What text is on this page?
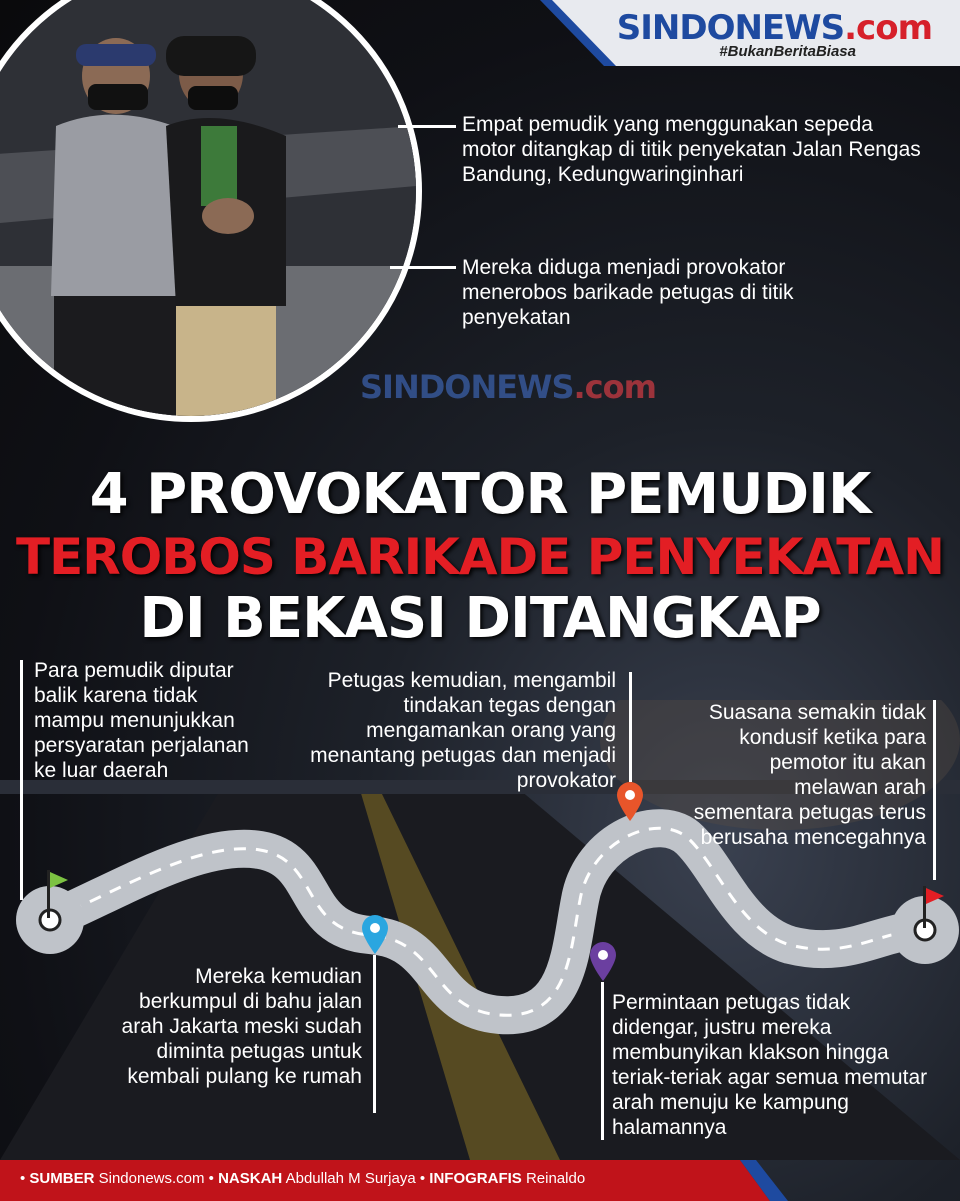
SINDONEWS.com
#BukanBeritaBiasa
Empat pemudik yang menggunakan sepeda motor ditangkap di titik penyekatan Jalan Rengas Bandung, Kedungwaringinhari
Mereka diduga menjadi provokator menerobos barikade petugas di titik penyekatan
SINDONEWS.com
4 PROVOKATOR PEMUDIK
TEROBOS BARIKADE PENYEKATAN
DI BEKASI DITANGKAP
Para pemudik diputar balik karena tidak mampu menunjukkan persyaratan perjalanan ke luar daerah
Mereka kemudian berkumpul di bahu jalan arah Jakarta meski sudah diminta petugas untuk kembali pulang ke rumah
Petugas kemudian, mengambil tindakan tegas dengan mengamankan orang yang menantang petugas dan menjadi provokator
Permintaan petugas tidak didengar, justru mereka membunyikan klakson hingga teriak-teriak agar semua memutar arah menuju ke kampung halamannya
Suasana semakin tidak kondusif ketika para pemotor itu akan melawan arah sementara petugas terus berusaha mencegahnya
• SUMBER Sindonews.com • NASKAH Abdullah M Surjaya • INFOGRAFIS Reinaldo
